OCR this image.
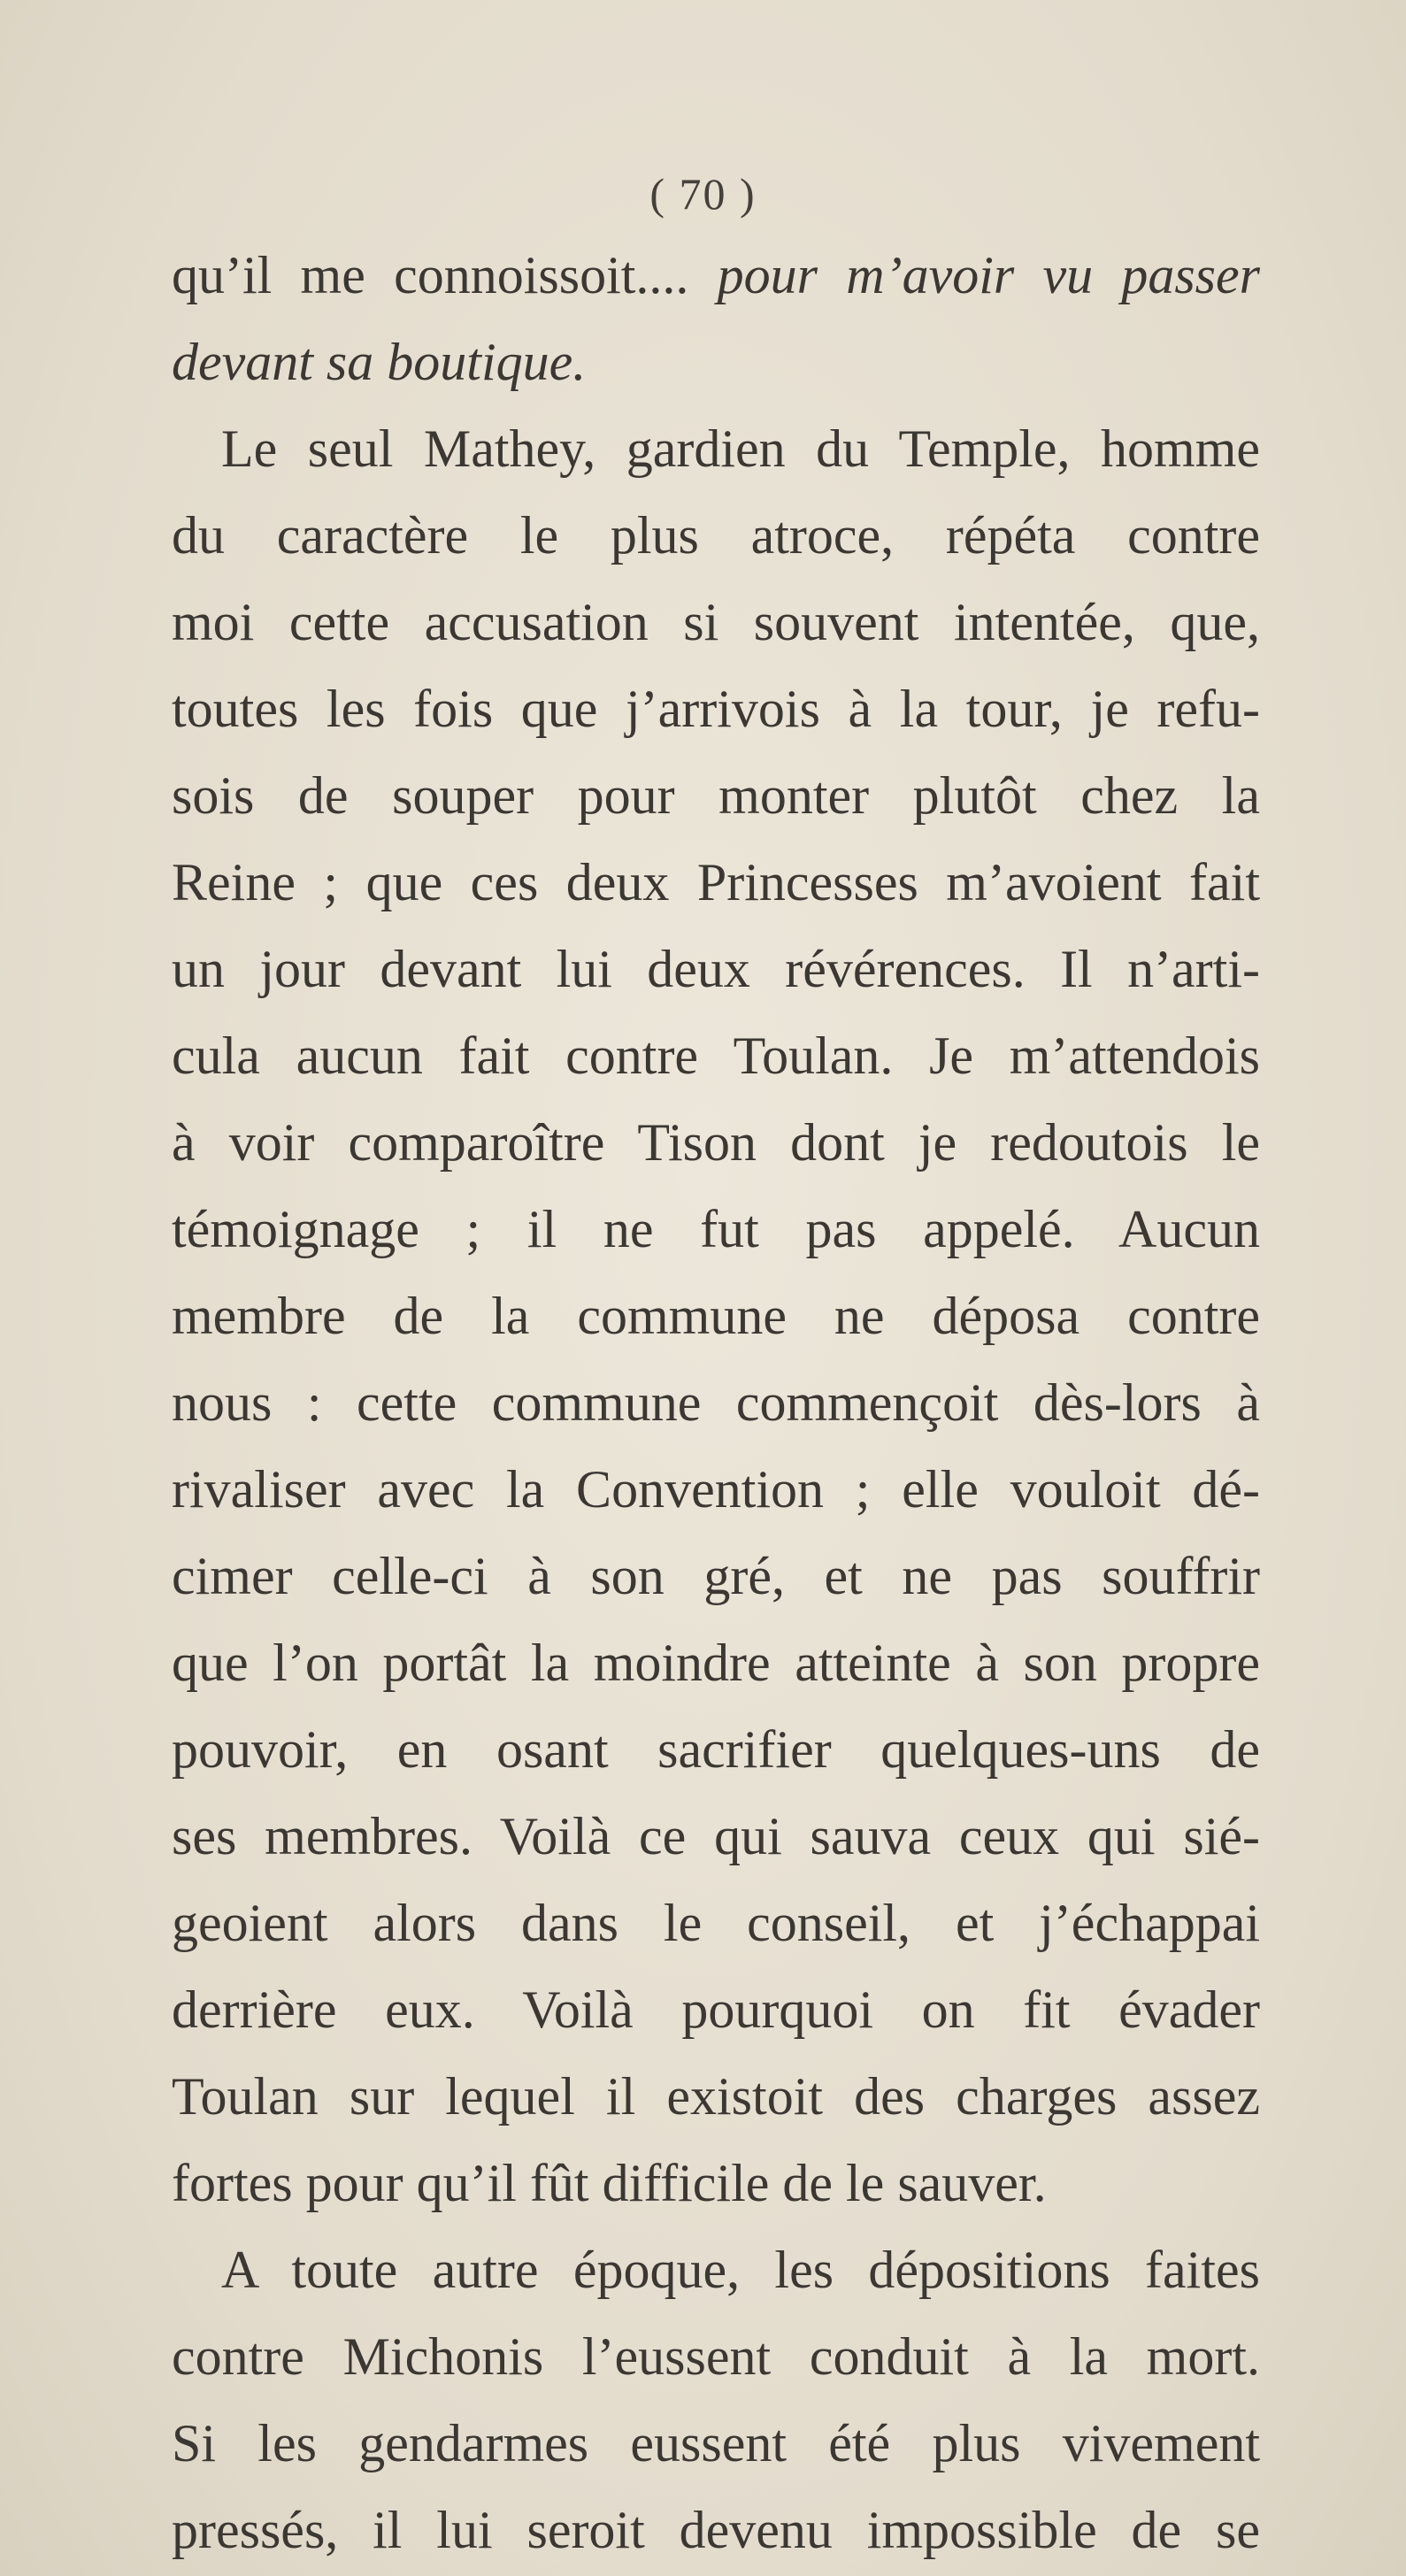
( 70 )
qu’il me connoissoit.... pour m’avoir vu passer
devant sa boutique.
Le seul Mathey, gardien du Temple, homme
du caractère le plus atroce, répéta contre
moi cette accusation si souvent intentée, que,
toutes les fois que j’arrivois à la tour, je refu-
sois de souper pour monter plutôt chez la
Reine ; que ces deux Princesses m’avoient fait
un jour devant lui deux révérences. Il n’arti-
cula aucun fait contre Toulan. Je m’attendois
à voir comparoître Tison dont je redoutois le
témoignage ; il ne fut pas appelé. Aucun
membre de la commune ne déposa contre
nous : cette commune commençoit dès-lors à
rivaliser avec la Convention ; elle vouloit dé-
cimer celle-ci à son gré, et ne pas souffrir
que l’on portât la moindre atteinte à son propre
pouvoir, en osant sacrifier quelques-uns de
ses membres. Voilà ce qui sauva ceux qui sié-
geoient alors dans le conseil, et j’échappai
derrière eux. Voilà pourquoi on fit évader
Toulan sur lequel il existoit des charges assez
fortes pour qu’il fût difficile de le sauver.
A toute autre époque, les dépositions faites
contre Michonis l’eussent conduit à la mort.
Si les gendarmes eussent été plus vivement
pressés, il lui seroit devenu impossible de se
